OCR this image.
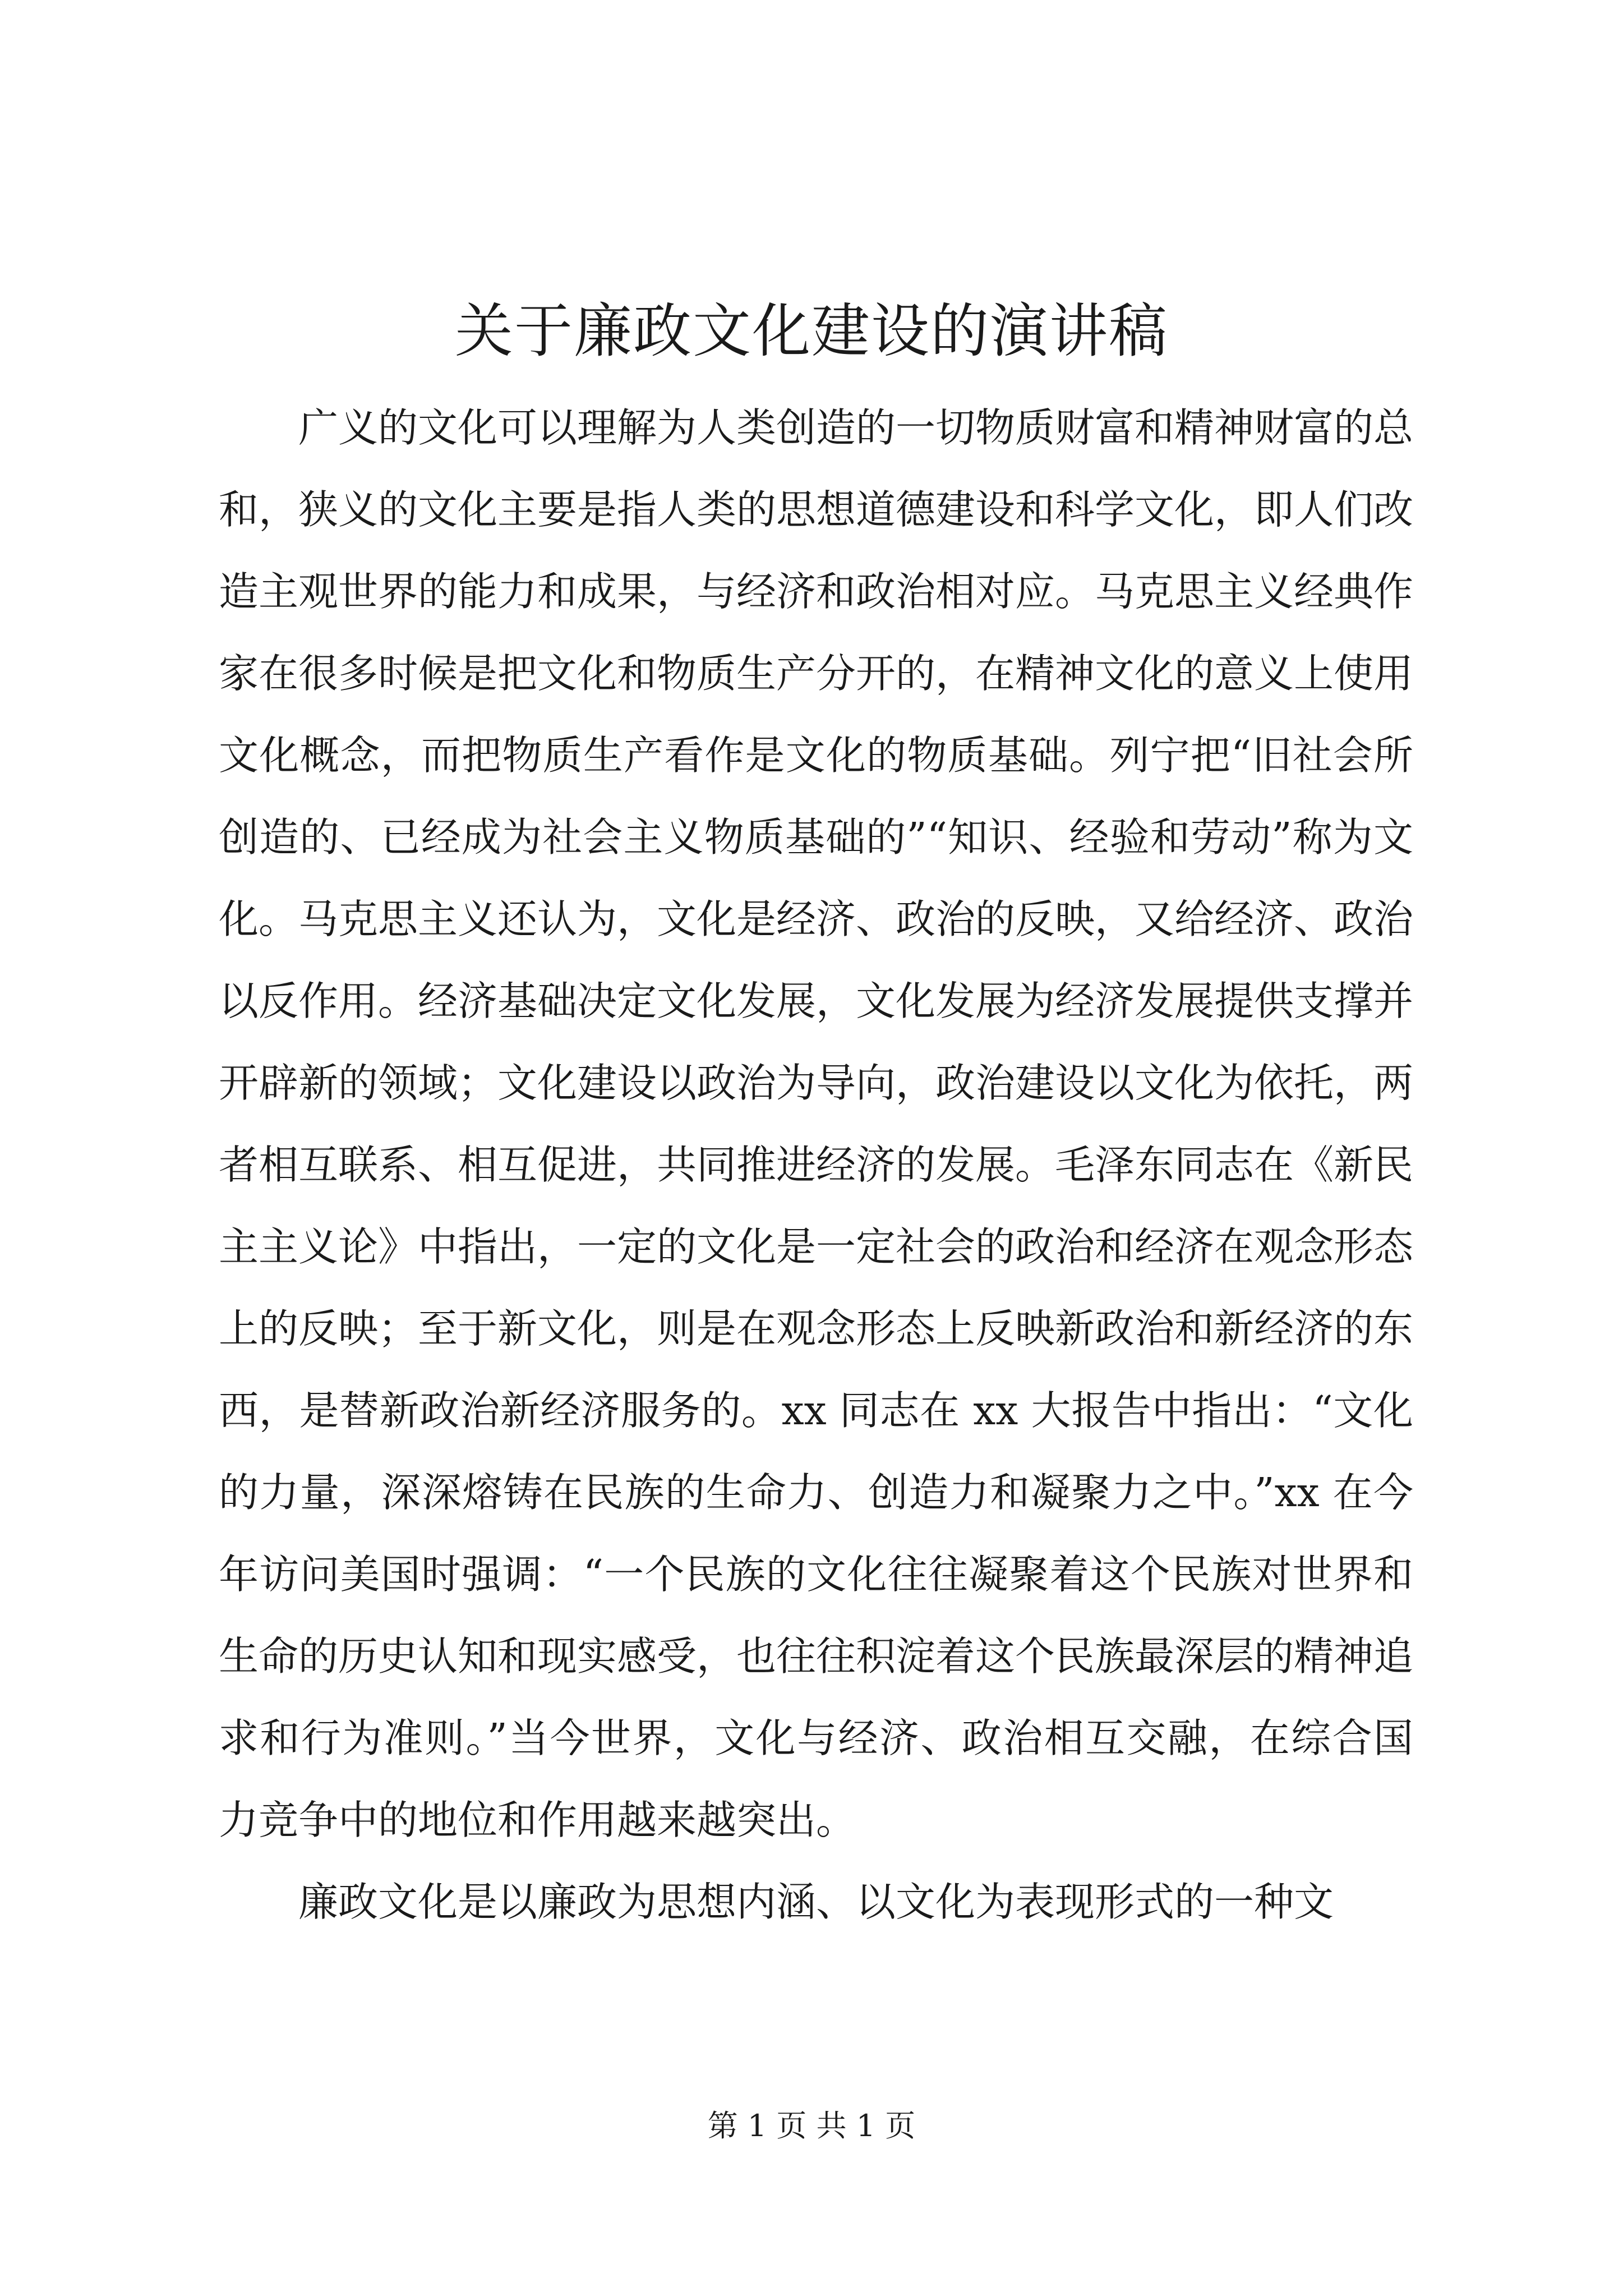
关于廉政文化建设的演讲稿

广义的文化可以理解为人类创造的一切物质财富和精神财富的总和，狭义的文化主要是指人类的思想道德建设和科学文化，即人们改造主观世界的能力和成果，与经济和政治相对应。马克思主义经典作家在很多时候是把文化和物质生产分开的，在精神文化的意义上使用文化概念，而把物质生产看作是文化的物质基础。列宁把“旧社会所创造的、已经成为社会主义物质基础的”“知识、经验和劳动”称为文化。马克思主义还认为，文化是经济、政治的反映，又给经济、政治以反作用。经济基础决定文化发展，文化发展为经济发展提供支撑并开辟新的领域；文化建设以政治为导向，政治建设以文化为依托，两者相互联系、相互促进，共同推进经济的发展。毛泽东同志在《新民主主义论》中指出，一定的文化是一定社会的政治和经济在观念形态上的反映；至于新文化，则是在观念形态上反映新政治和新经济的东西，是替新政治新经济服务的。xx 同志在 xx 大报告中指出：“文化的力量，深深熔铸在民族的生命力、创造力和凝聚力之中。”xx 在今年访问美国时强调：“一个民族的文化往往凝聚着这个民族对世界和生命的历史认知和现实感受，也往往积淀着这个民族最深层的精神追求和行为准则。”当今世界，文化与经济、政治相互交融，在综合国力竞争中的地位和作用越来越突出。

廉政文化是以廉政为思想内涵、以文化为表现形式的一种文

第 1 页 共 1 页
